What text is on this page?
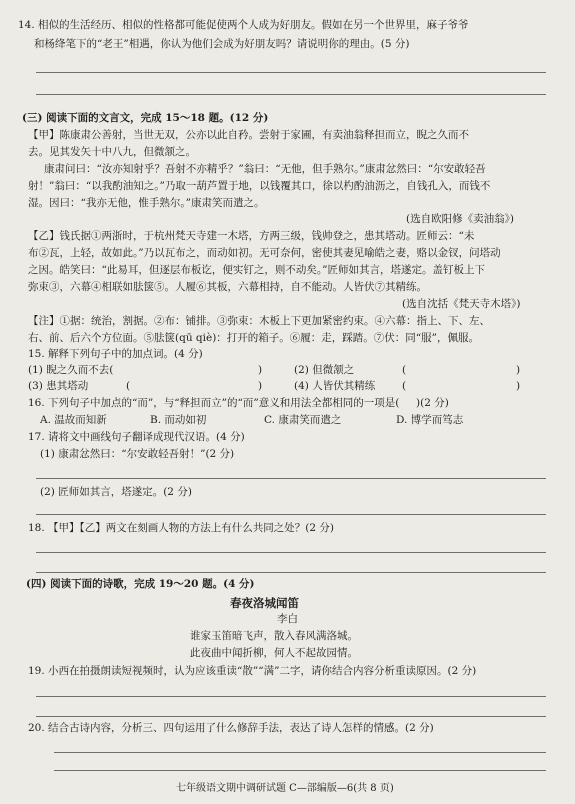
14. 相似的生活经历、相似的性格都可能促使两个人成为好朋友。假如在另一个世界里，麻子爷爷
和杨绛笔下的“老王”相遇，你认为他们会成为好朋友吗？请说明你的理由。(5 分)
(三) 阅读下面的文言文，完成 15～18 题。(12 分)
【甲】陈康肃公善射，当世无双，公亦以此自矜。尝射于家圃，有卖油翁释担而立，睨之久而不
去。见其发矢十中八九，但微颔之。
康肃问曰：“汝亦知射乎？吾射不亦精乎？”翁曰：“无他，但手熟尔。”康肃忿然曰：“尔安敢轻吾
射！”翁曰：“以我酌油知之。”乃取一葫芦置于地，以钱覆其口，徐以杓酌油沥之，自钱孔入，而钱不
湿。因曰：“我亦无他，惟手熟尔。”康肃笑而遣之。
(选自欧阳修《卖油翁》)
【乙】钱氏据①两浙时，于杭州梵天寺建一木塔，方两三级，钱帅登之，患其塔动。匠师云：“未
布②瓦，上轻，故如此。”乃以瓦布之，而动如初。无可奈何，密使其妻见喻皓之妻，赂以金钗，问塔动
之因。皓笑曰：“此易耳，但逐层布板讫，便实钉之，则不动矣。”匠师如其言，塔遂定。盖钉板上下
弥束③，六幕④相联如胠箧⑤。人履⑥其板，六幕相持，自不能动。人皆伏⑦其精练。
(选自沈括《梵天寺木塔》)
【注】①据：统治，割据。②布：铺排。③弥束：木板上下更加紧密约束。④六幕：指上、下、左、
右、前、后六个方位面。⑤胠箧(qū qiè)：打开的箱子。⑥履：走，踩踏。⑦伏：同“服”，佩服。
15. 解释下列句子中的加点词。(4 分)
(1) 睨之久而不去(	)	(2) 但微颔之	(	)
(3) 患其塔动	(	)	(4) 人皆伏其精练	(	)
16. 下列句子中加点的“而”，与“释担而立”的“而”意义和用法全都相同的一项是(     )(2 分)
A. 温故而知新	B. 而动如初	C. 康肃笑而遣之	D. 博学而笃志
17. 请将文中画线句子翻译成现代汉语。(4 分)
(1) 康肃忿然曰：“尔安敢轻吾射！”(2 分)
(2) 匠师如其言，塔遂定。(2 分)
18. 【甲】【乙】两文在刻画人物的方法上有什么共同之处？(2 分)
(四) 阅读下面的诗歌，完成 19～20 题。(4 分)
春夜洛城闻笛
李白
谁家玉笛暗飞声，散入春风满洛城。
此夜曲中闻折柳，何人不起故园情。
19. 小西在拍摄朗读短视频时，认为应该重读“散”“满”二字，请你结合内容分析重读原因。(2 分)
20. 结合古诗内容，分析三、四句运用了什么修辞手法，表达了诗人怎样的情感。(2 分)
七年级语文期中调研试题 C—部编版—6(共 8 页)
